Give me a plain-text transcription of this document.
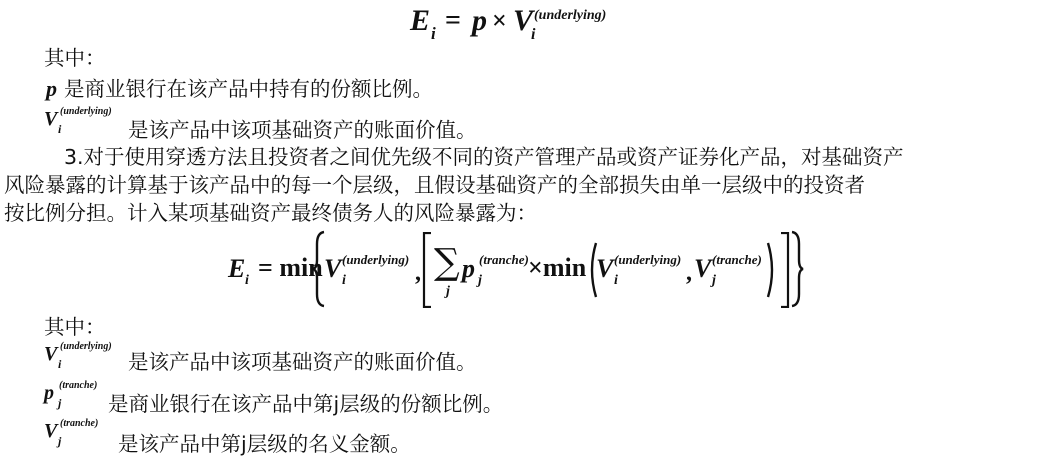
E i = p × V
i
(underlying)
其中：
p 是商业银行在该产品中持有的份额比例。
V i
(underlying)
是该产品中该项基础资产的账面价值。
3.对于使用穿透方法且投资者之间优先级不同的资产管理产品或资产证券化产品，对基础资产
风险暴露的计算基于该产品中的每一个层级，且假设基础资产的全部损失由单一层级中的投资者
按比例分担。计入某项基础资产最终债务人的风险暴露为：
E i = min V i
(underlying)
, ∑
j
p j
(tranche) ×min V i
(underlying)
, V j
(tranche)
其中：
V i
(underlying)
是该产品中该项基础资产的账面价值。
p j
(tranche)
是商业银行在该产品中第j层级的份额比例。
V j
(tranche)
是该产品中第j层级的名义金额。
